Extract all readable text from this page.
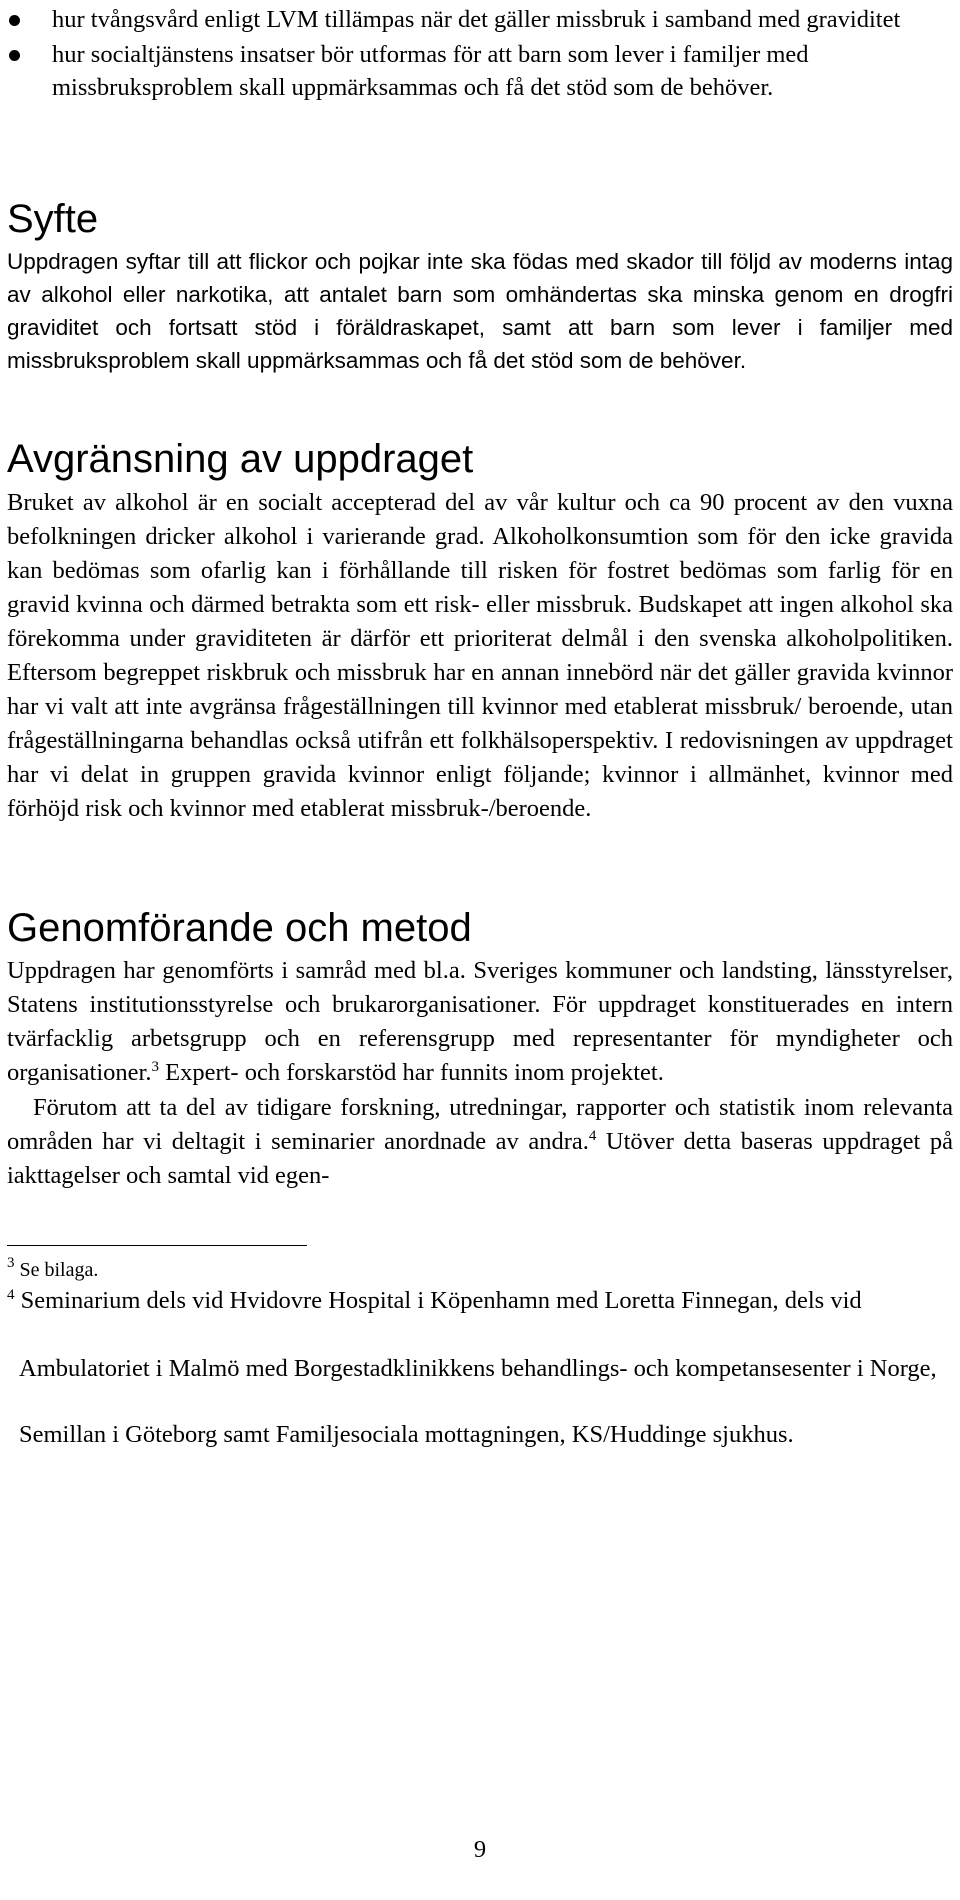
hur tvångsvård enligt LVM tillämpas när det gäller missbruk i samband med graviditet
hur socialtjänstens insatser bör utformas för att barn som lever i familjer med missbruksproblem skall uppmärksammas och få det stöd som de behöver.
Syfte

Uppdragen syftar till att flickor och pojkar inte ska födas med skador till följd av moderns intag av alkohol eller narkotika, att antalet barn som omhändertas ska minska genom en drogfri graviditet och fortsatt stöd i föräldraskapet, samt att barn som lever i familjer med missbruksproblem skall uppmärksammas och få det stöd som de behöver.

Avgränsning av uppdraget

Bruket av alkohol är en socialt accepterad del av vår kultur och ca 90 procent av den vuxna befolkningen dricker alkohol i varierande grad. Alkoholkonsumtion som för den icke gravida kan bedömas som ofarlig kan i förhållande till risken för fostret bedömas som farlig för en gravid kvinna och därmed betrakta som ett risk- eller missbruk. Budskapet att ingen alkohol ska förekomma under graviditeten är därför ett prioriterat delmål i den svenska alkoholpolitiken. Eftersom begreppet riskbruk och missbruk har en annan innebörd när det gäller gravida kvinnor har vi valt att inte avgränsa frågeställningen till kvinnor med etablerat missbruk/ beroende, utan frågeställningarna behandlas också utifrån ett folkhälsoperspektiv. I redovisningen av uppdraget har vi delat in gruppen gravida kvinnor enligt följande; kvinnor i allmänhet, kvinnor med förhöjd risk och kvinnor med etablerat missbruk-/beroende.

Genomförande och metod

Uppdragen har genomförts i samråd med bl.a. Sveriges kommuner och landsting, länsstyrelser, Statens institutionsstyrelse och brukarorganisationer. För uppdraget konstituerades en intern tvärfacklig arbetsgrupp och en referensgrupp med representanter för myndigheter och organisationer.$^3$ Expert- och forskarstöd har funnits inom projektet.

Förutom att ta del av tidigare forskning, utredningar, rapporter och statistik inom relevanta områden har vi deltagit i seminarier anordnade av andra.$^4$ Utöver detta baseras uppdraget på iakttagelser och samtal vid egen-

$^3$ Se bilaga.

$^4$ Seminarium dels vid Hvidovre Hospital i Köpenhamn med Loretta Finnegan, dels vid

Ambulatoriet i Malmö med Borgestadklinikkens behandlings- och kompetansesenter i Norge,

Semillan i Göteborg samt Familjesociala mottagningen, KS/Huddinge sjukhus.

9
